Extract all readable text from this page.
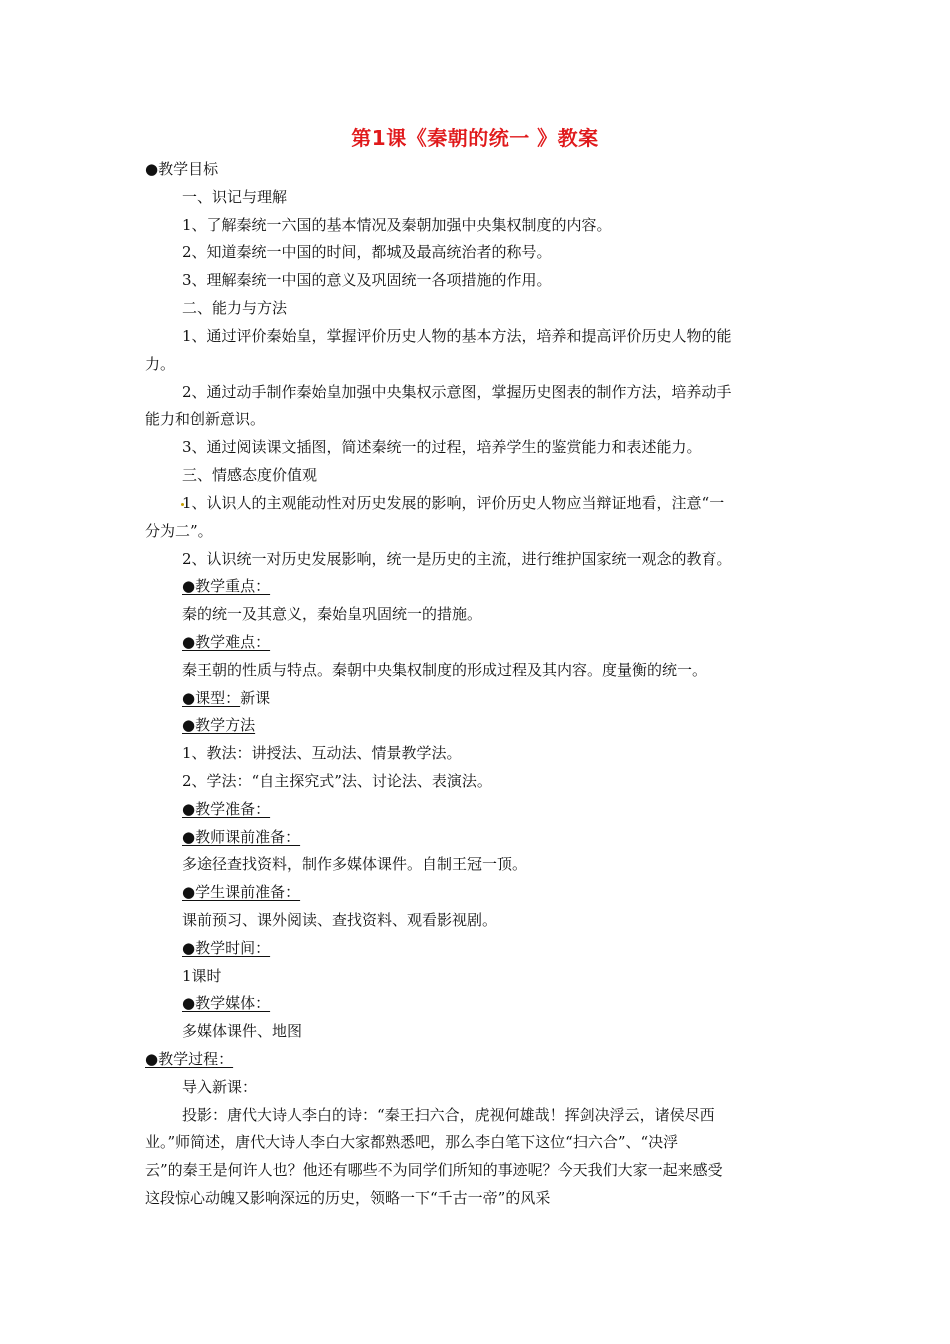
第1课《秦朝的统一 》教案
●教学目标
一、识记与理解
1、了解秦统一六国的基本情况及秦朝加强中央集权制度的内容。
2、知道秦统一中国的时间，都城及最高统治者的称号。
3、理解秦统一中国的意义及巩固统一各项措施的作用。
二、能力与方法
1、通过评价秦始皇，掌握评价历史人物的基本方法，培养和提高评价历史人物的能
力。
2、通过动手制作秦始皇加强中央集权示意图，掌握历史图表的制作方法，培养动手
能力和创新意识。
3、通过阅读课文插图，简述秦统一的过程，培养学生的鉴赏能力和表述能力。
三、情感态度价值观
1、认识人的主观能动性对历史发展的影响，评价历史人物应当辩证地看，注意“一
分为二”。
2、认识统一对历史发展影响，统一是历史的主流，进行维护国家统一观念的教育。
●教学重点：
秦的统一及其意义，秦始皇巩固统一的措施。
●教学难点：
秦王朝的性质与特点。秦朝中央集权制度的形成过程及其内容。度量衡的统一。
●课型：新课
●教学方法
1、教法：讲授法、互动法、情景教学法。
2、学法：“自主探究式”法、讨论法、表演法。
●教学准备：
●教师课前准备：
多途径查找资料，制作多媒体课件。自制王冠一顶。
●学生课前准备：
课前预习、课外阅读、查找资料、观看影视剧。
●教学时间：
1课时
●教学媒体：
多媒体课件、地图
●教学过程：
导入新课：
投影：唐代大诗人李白的诗：“秦王扫六合，虎视何雄哉！挥剑决浮云，诸侯尽西
业。”师简述，唐代大诗人李白大家都熟悉吧，那么李白笔下这位“扫六合”、“决浮
云”的秦王是何许人也？他还有哪些不为同学们所知的事迹呢？今天我们大家一起来感受
这段惊心动魄又影响深远的历史，领略一下“千古一帝”的风采
